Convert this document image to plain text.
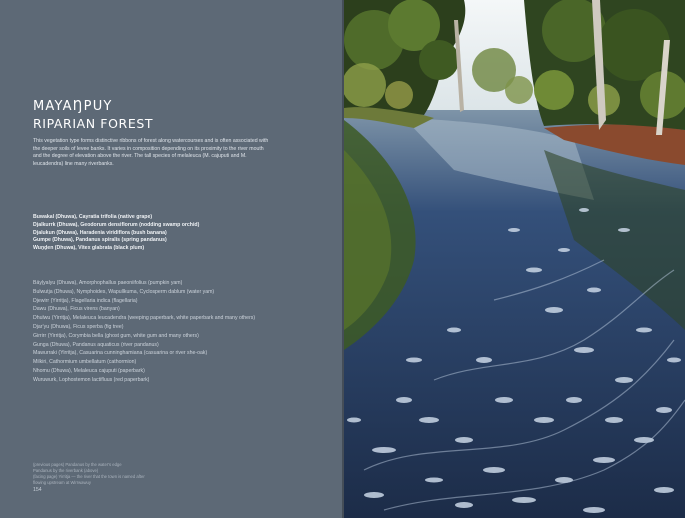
MAYAŊPUY
RIPARIAN FOREST

This vegetation type forms distinctive ribbons of forest along watercourses and is often associated with the deeper soils of levee banks. It varies in composition depending on its proximity to the river mouth and the degree of elevation above the river. The tall species of melaleuca (M. cajuputi and M. leucadendra) line many riverbanks.

Buwakal (Dhuwa), Cayratia trifolia (native grape)
Djalkurrk (Dhuwa), Geodorum densiflorum (nodding swamp orchid)
Djalukun (Dhuwa), Haradenia viridiflora (bush banana)
Gumpe (Dhuwa), Pandanus spiralis (spring pandanus)
Wuṉḏen (Dhuwa), Vitex glabrata (black plum)
Bäyḻyalyu (Dhuwa), Amorphophallus paeoniifolius (pumpkin yam)
Bulwutja (Dhuwa), Nymphoides, Wapullkuma, Cyclosperm dablum (water yam)
Djewirr (Yirritja), Flagellaria indica (flagellaria)
Dawu (Dhuwa), Ficus virens (banyan)
Dhulwu (Yirritja), Melaleuca leucadendra (weeping paperbark, white paperbark and many others)
Djarʼyu (Dhuwa), Ficus sperba (fig tree)
Girrirr (Yirritja), Corymbia bella (ghost gum, white gum and many others)
Gunga (Dhuwa), Pandanus aquaticus (river pandanus)
Mawurraki (Yirritja), Casuarina cunninghamiana (casuarina or river she-oak)
Milkiri, Cathormium umbellatum (cathormion)
Nhomu (Dhuwa), Melaleuca cajuputi (paperbark)
Wuruwurk, Lophostemon lactifluus (red paperbark)
(previous pages) Pandanus by the water's edge
Pandanus by the riverbank (above)
(facing page) Yirritja — the river that the town is named after
flowing upstream at Wirrwawuy
154
